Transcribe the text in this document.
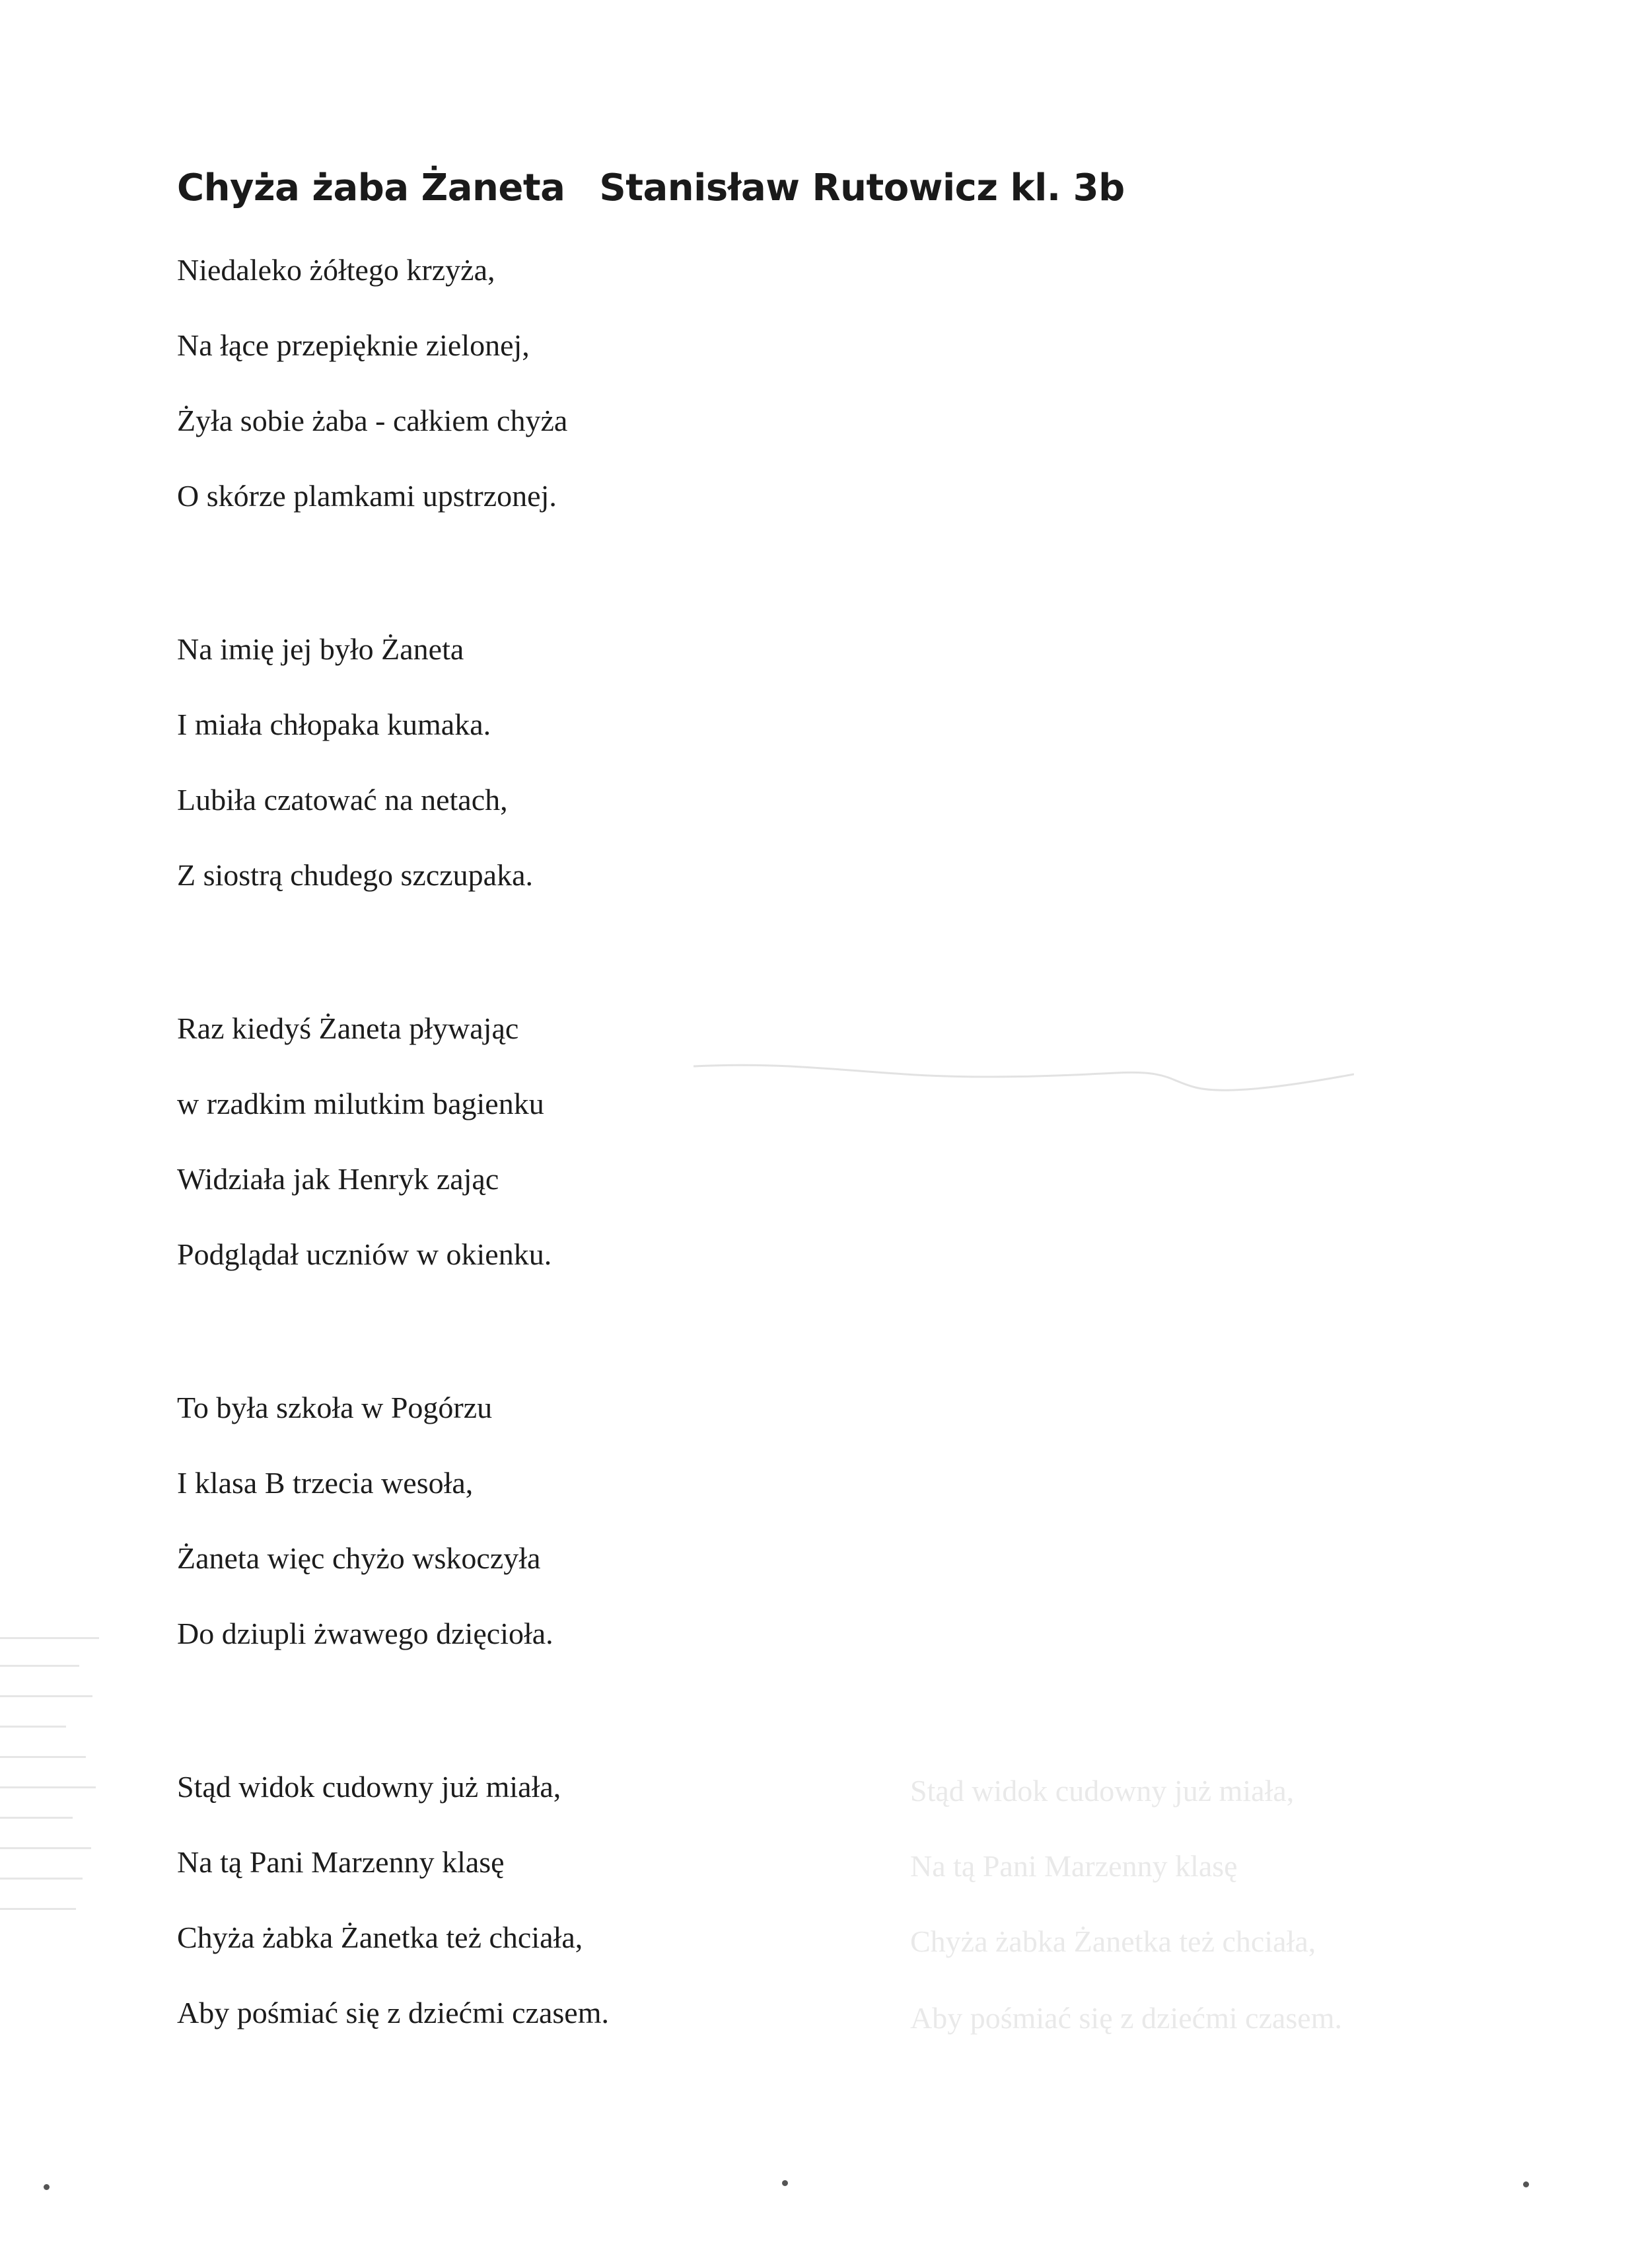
Chyża żaba Żaneta Stanisław Rutowicz kl. 3b
Niedaleko żółtego krzyża,
Na łące przepięknie zielonej,
Żyła sobie żaba - całkiem chyża
O skórze plamkami upstrzonej.
Na imię jej było Żaneta
I miała chłopaka kumaka.
Lubiła czatować na netach,
Z siostrą chudego szczupaka.
Raz kiedyś Żaneta pływając
w rzadkim milutkim bagienku
Widziała jak Henryk zając
Podglądał uczniów w okienku.
To była szkoła w Pogórzu
I klasa B trzecia wesoła,
Żaneta więc chyżo wskoczyła
Do dziupli żwawego dzięcioła.
Stąd widok cudowny już miała,
Na tą Pani Marzenny klasę
Chyża żabka Żanetka też chciała,
Aby pośmiać się z dziećmi czasem.
Stąd widok cudowny już miała,
Na tą Pani Marzenny klasę
Chyża żabka Żanetka też chciała,
Aby pośmiać się z dziećmi czasem.
